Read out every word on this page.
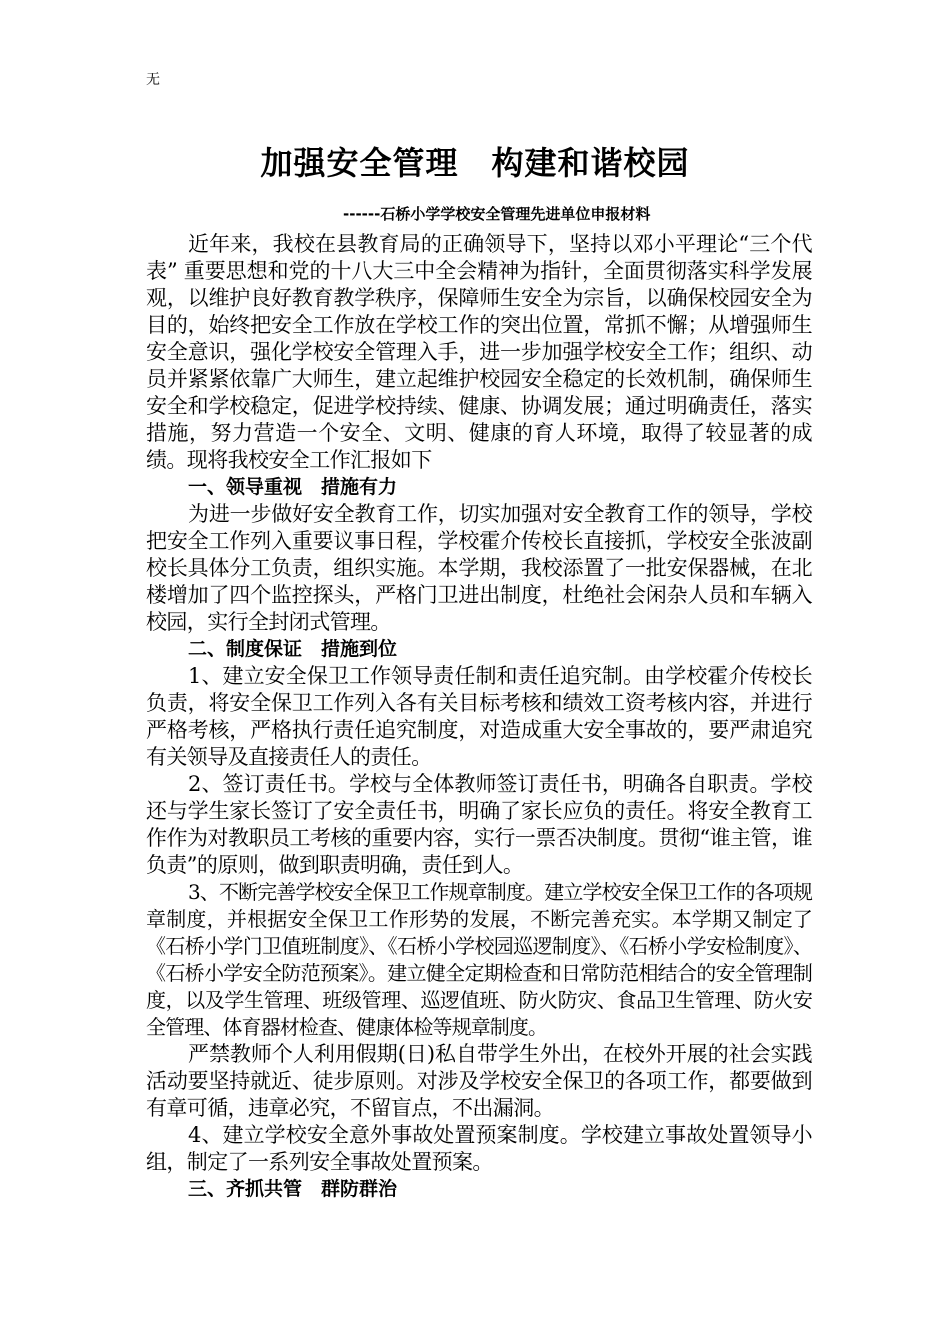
无
加强安全管理　构建和谐校园
------石桥小学学校安全管理先进单位申报材料

近年来，我校在县教育局的正确领导下，坚持以邓小平理论“三个代表” 重要思想和党的十八大三中全会精神为指针，全面贯彻落实科学发展观，以维护良好教育教学秩序，保障师生安全为宗旨，以确保校园安全为目的，始终把安全工作放在学校工作的突出位置，常抓不懈；从增强师生安全意识，强化学校安全管理入手，进一步加强学校安全工作；组织、动员并紧紧依靠广大师生，建立起维护校园安全稳定的长效机制，确保师生安全和学校稳定，促进学校持续、健康、协调发展；通过明确责任，落实措施，努力营造一个安全、文明、健康的育人环境，取得了较显著的成绩。现将我校安全工作汇报如下

一、领导重视　措施有力

为进一步做好安全教育工作，切实加强对安全教育工作的领导，学校把安全工作列入重要议事日程，学校霍介传校长直接抓，学校安全张波副校长具体分工负责，组织实施。本学期，我校添置了一批安保器械，在北楼增加了四个监控探头，严格门卫进出制度，杜绝社会闲杂人员和车辆入校园，实行全封闭式管理。

二、制度保证　措施到位

1、建立安全保卫工作领导责任制和责任追究制。由学校霍介传校长负责，将安全保卫工作列入各有关目标考核和绩效工资考核内容，并进行严格考核，严格执行责任追究制度，对造成重大安全事故的，要严肃追究有关领导及直接责任人的责任。

2、签订责任书。学校与全体教师签订责任书，明确各自职责。学校还与学生家长签订了安全责任书，明确了家长应负的责任。将安全教育工作作为对教职员工考核的重要内容，实行一票否决制度。贯彻“谁主管，谁负责”的原则，做到职责明确，责任到人。

3、不断完善学校安全保卫工作规章制度。建立学校安全保卫工作的各项规章制度，并根据安全保卫工作形势的发展，不断完善充实。本学期又制定了《石桥小学门卫值班制度》、《石桥小学校园巡逻制度》、《石桥小学安检制度》、《石桥小学安全防范预案》。建立健全定期检查和日常防范相结合的安全管理制度，以及学生管理、班级管理、巡逻值班、防火防灾、食品卫生管理、防火安全管理、体育器材检查、健康体检等规章制度。

严禁教师个人利用假期(日)私自带学生外出，在校外开展的社会实践活动要坚持就近、徒步原则。对涉及学校安全保卫的各项工作，都要做到有章可循，违章必究，不留盲点，不出漏洞。

4、建立学校安全意外事故处置预案制度。学校建立事故处置领导小组，制定了一系列安全事故处置预案。

三、齐抓共管　群防群治
